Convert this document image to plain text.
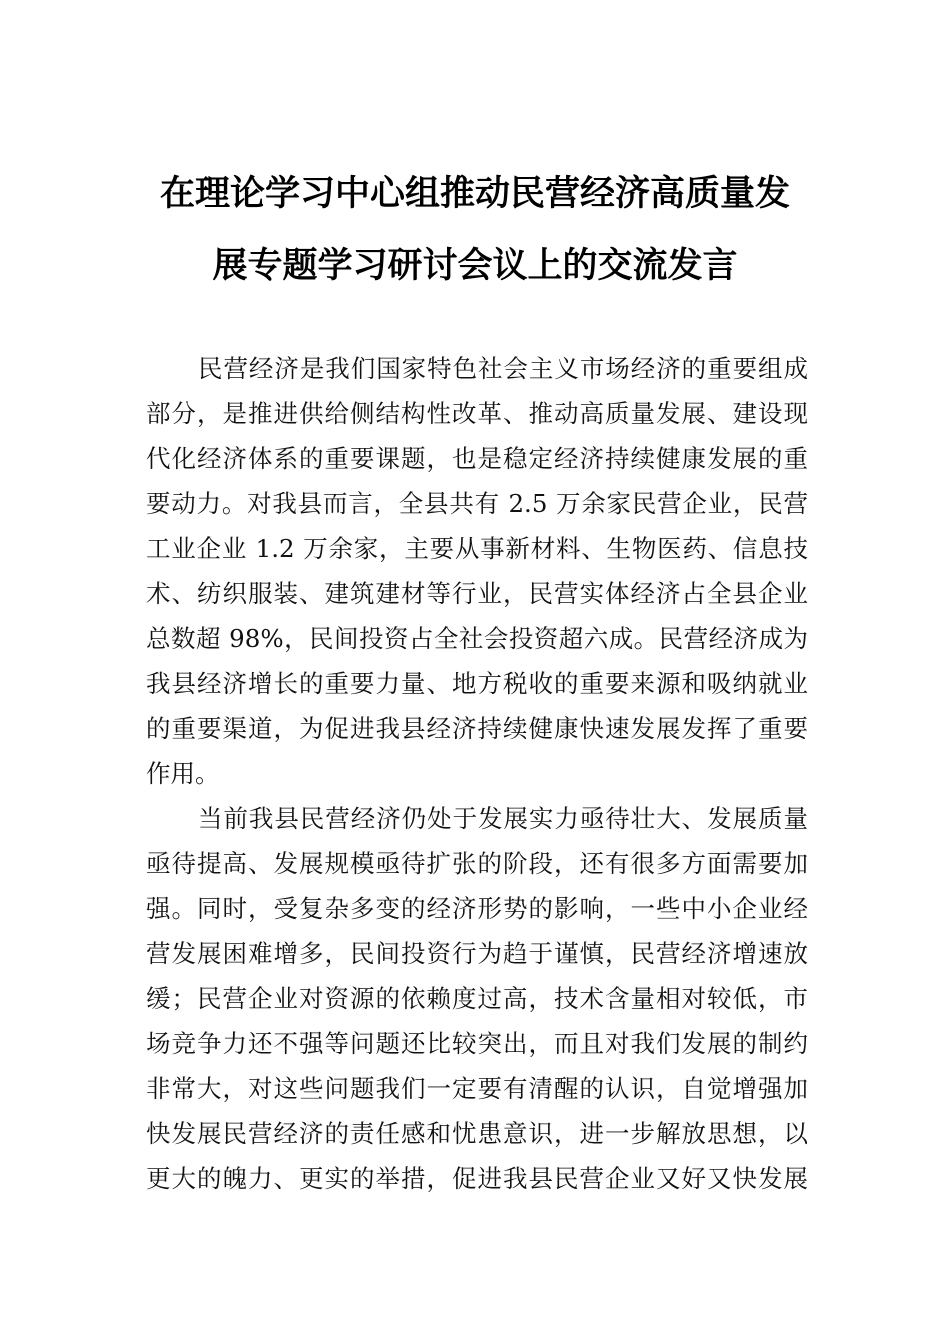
在理论学习中心组推动民营经济高质量发
展专题学习研讨会议上的交流发言

民营经济是我们国家特色社会主义市场经济的重要组成

部分，是推进供给侧结构性改革、推动高质量发展、建设现

代化经济体系的重要课题，也是稳定经济持续健康发展的重

要动力。对我县而言，全县共有 2.5 万余家民营企业，民营

工业企业 1.2 万余家，主要从事新材料、生物医药、信息技

术、纺织服装、建筑建材等行业，民营实体经济占全县企业

总数超 98%，民间投资占全社会投资超六成。民营经济成为

我县经济增长的重要力量、地方税收的重要来源和吸纳就业

的重要渠道，为促进我县经济持续健康快速发展发挥了重要

作用。

当前我县民营经济仍处于发展实力亟待壮大、发展质量

亟待提高、发展规模亟待扩张的阶段，还有很多方面需要加

强。同时，受复杂多变的经济形势的影响，一些中小企业经

营发展困难增多，民间投资行为趋于谨慎，民营经济增速放

缓；民营企业对资源的依赖度过高，技术含量相对较低，市

场竞争力还不强等问题还比较突出，而且对我们发展的制约

非常大，对这些问题我们一定要有清醒的认识，自觉增强加

快发展民营经济的责任感和忧患意识，进一步解放思想，以

更大的魄力、更实的举措，促进我县民营企业又好又快发展
